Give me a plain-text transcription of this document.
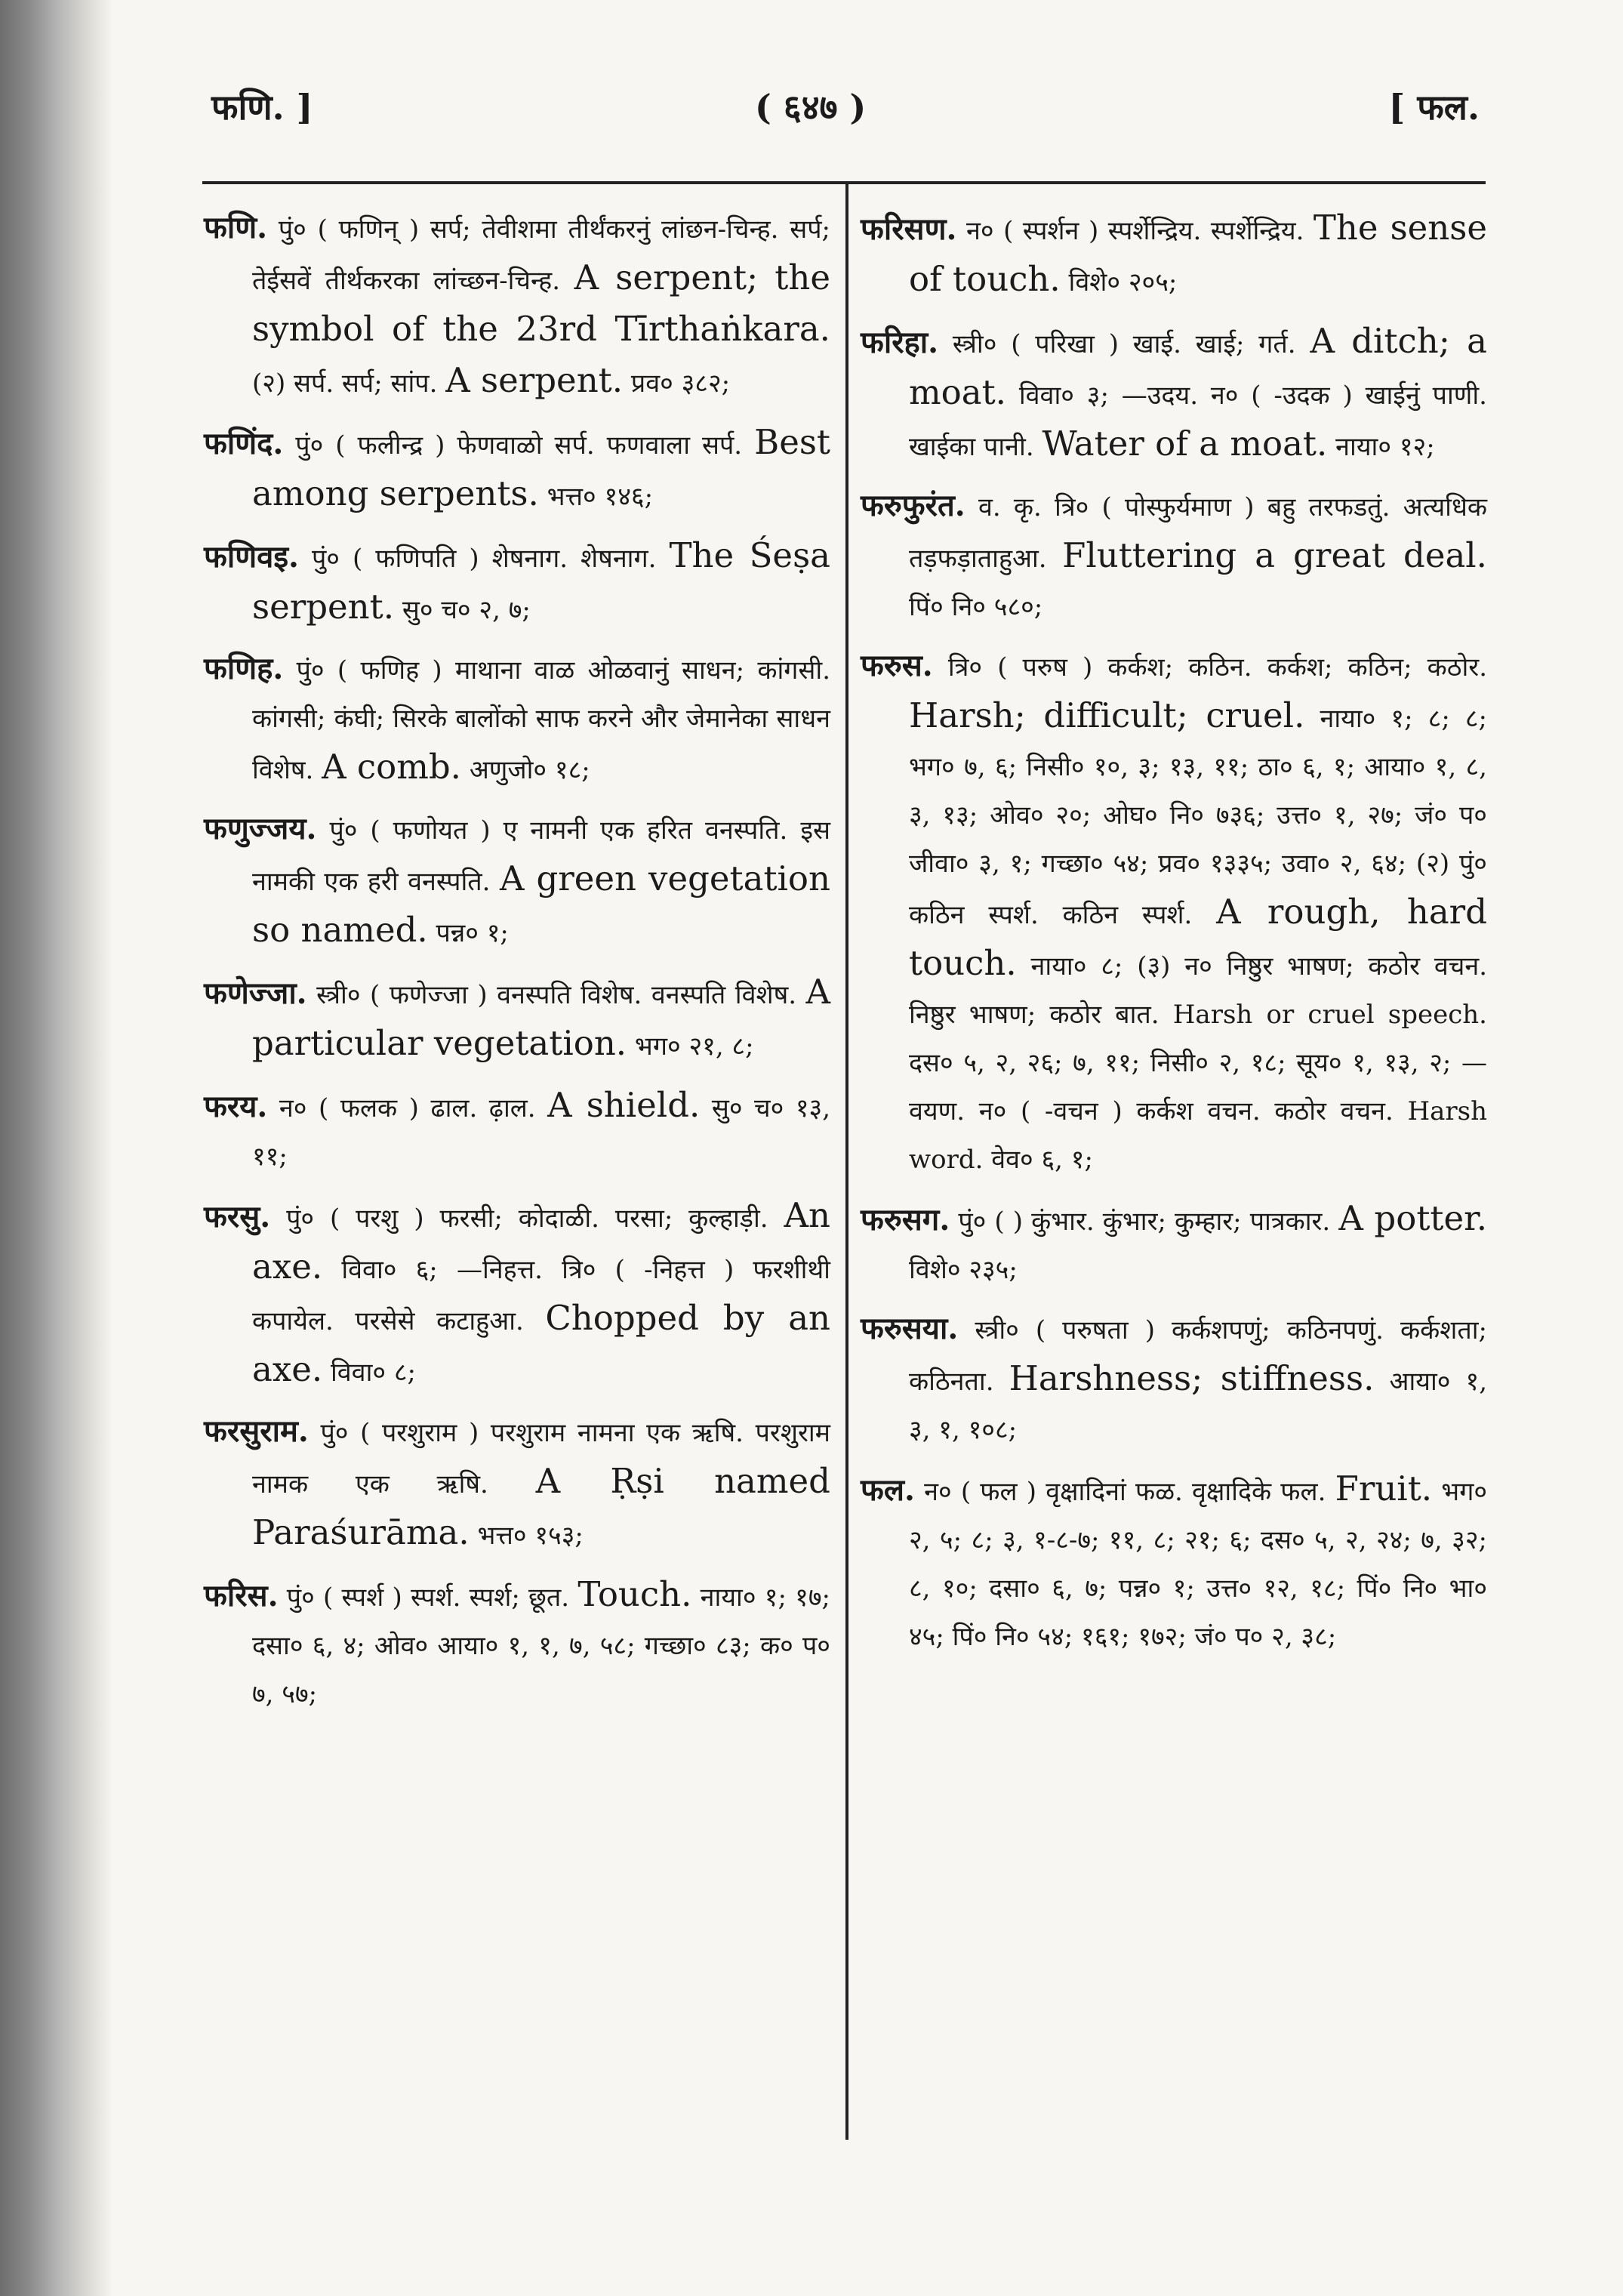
फणि. ]	( ६४७ )	[ फल.

फणि. पुं० ( फणिन् ) सर्प; तेवीशमा तीर्थंकरनुं लांछन-चिन्ह. सर्प; तेईसवें तीर्थकरका लांच्छन-चिन्ह. A serpent; the symbol of the 23rd Tīrthaṅkara. (२) सर्प. सर्प; सांप. A serpent. प्रव० ३८२;

फणिंद. पुं० ( फलीन्द्र ) फेणवाळो सर्प. फणवाला सर्प. Best among serpents. भत्त० १४६;

फणिवइ. पुं० ( फणिपति ) शेषनाग. शेषनाग. The Śeṣa serpent. सु० च० २, ७;

फणिह. पुं० ( फणिह ) माथाना वाळ ओळवानुं साधन; कांगसी. कांगसी; कंघी; सिरके बालोंको साफ करने और जेमानेका साधन विशेष. A comb. अणुजो० १८;

फणुज्जय. पुं० ( फणोयत ) ए नामनी एक हरित वनस्पति. इस नामकी एक हरी वनस्पति. A green vegetation so named. पन्न० १;

फणेज्जा. स्त्री० ( फणेज्जा ) वनस्पति विशेष. वनस्पति विशेष. A particular vegetation. भग० २१, ८;

फरय. न० ( फलक ) ढाल. ढ़ाल. A shield. सु० च० १३, ११;

फरसु. पुं० ( परशु ) फरसी; कोदाळी. परसा; कुल्हाड़ी. An axe. विवा० ६; —निहत्त. त्रि० ( -निहत्त ) फरशीथी कपायेल. परसेसे कटाहुआ. Chopped by an axe. विवा० ८;

फरसुराम. पुं० ( परशुराम ) परशुराम नामना एक ऋषि. परशुराम नामक एक ऋषि. A Ṛṣi named Paraśurāma. भत्त० १५३;

फरिस. पुं० ( स्पर्श ) स्पर्श. स्पर्श; छूत. Touch. नाया० १; १७; दसा० ६, ४; ओव० आया० १, १, ७, ५८; गच्छा० ८३; क० प० ७, ५७;

फरिसण. न० ( स्पर्शन ) स्पर्शेन्द्रिय. स्पर्शेन्द्रिय. The sense of touch. विशे० २०५;

फरिहा. स्त्री० ( परिखा ) खाई. खाई; गर्त. A ditch; a moat. विवा० ३; —उदय. न० ( -उदक ) खाईनुं पाणी. खाईका पानी. Water of a moat. नाया० १२;

फरुफुरंत. व. कृ. त्रि० ( पोस्फुर्यमाण ) बहु तरफडतुं. अत्यधिक तड़फड़ाताहुआ. Fluttering a great deal. पिं० नि० ५८०;

फरुस. त्रि० ( परुष ) कर्कश; कठिन. कर्कश; कठिन; कठोर. Harsh; difficult; cruel. नाया० १; ८; ८; भग० ७, ६; निसी० १०, ३; १३, ११; ठा० ६, १; आया० १, ८, ३, १३; ओव० २०; ओघ० नि० ७३६; उत्त० १, २७; जं० प० जीवा० ३, १; गच्छा० ५४; प्रव० १३३५; उवा० २, ६४; (२) पुं० कठिन स्पर्श. कठिन स्पर्श. A rough, hard touch. नाया० ८; (३) न० निष्ठुर भाषण; कठोर वचन. निष्ठुर भाषण; कठोर बात. Harsh or cruel speech. दस० ५, २, २६; ७, ११; निसी० २, १८; सूय० १, १३, २; —वयण. न० ( -वचन ) कर्कश वचन. कठोर वचन. Harsh word. वेव० ६, १;

फरुसग. पुं० ( ) कुंभार. कुंभार; कुम्हार; पात्रकार. A potter. विशे० २३५;

फरुसया. स्त्री० ( परुषता ) कर्कशपणुं; कठिनपणुं. कर्कशता; कठिनता. Harshness; stiffness. आया० १, ३, १, १०८;

फल. न० ( फल ) वृक्षादिनां फळ. वृक्षादिके फल. Fruit. भग० २, ५; ८; ३, १-८-७; ११, ८; २१; ६; दस० ५, २, २४; ७, ३२; ८, १०; दसा० ६, ७; पन्न० १; उत्त० १२, १८; पिं० नि० भा० ४५; पिं० नि० ५४; १६१; १७२; जं० प० २, ३८;
